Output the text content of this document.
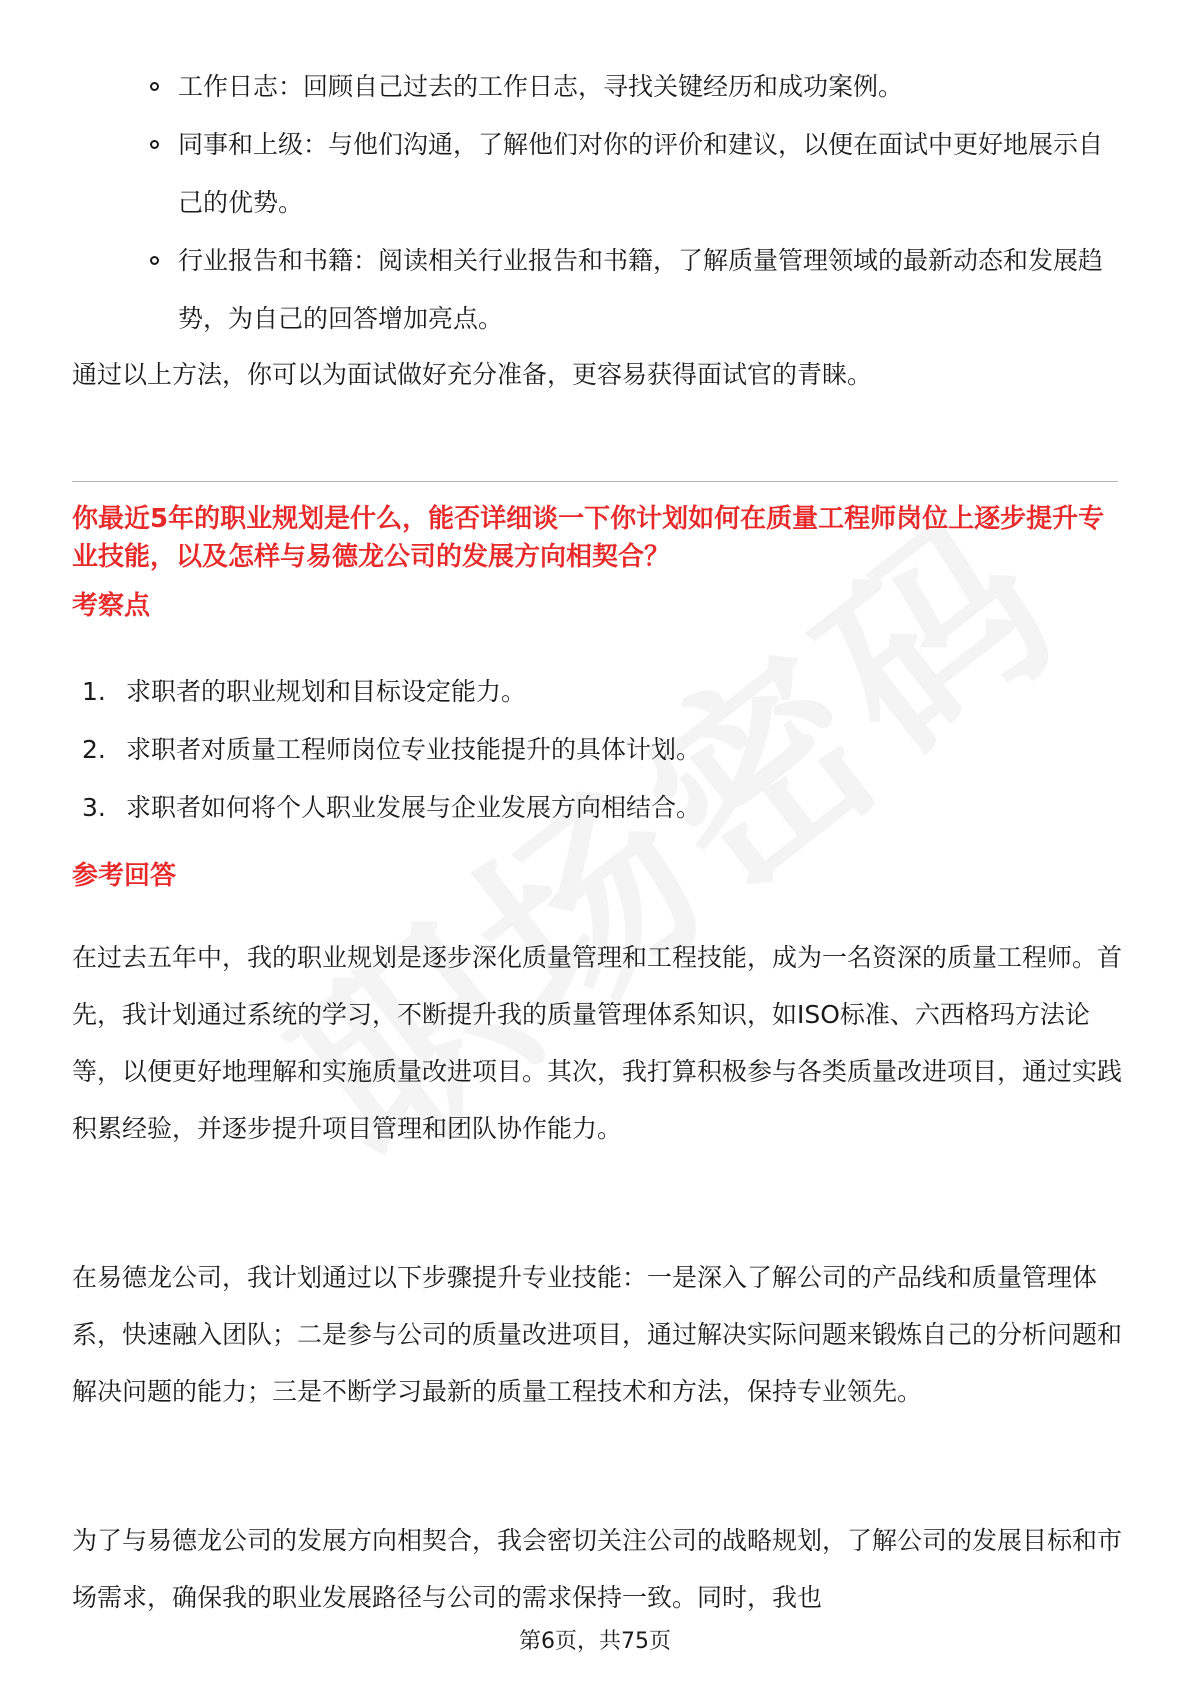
工作日志：回顾自己过去的工作日志，寻找关键经历和成功案例。
同事和上级：与他们沟通，了解他们对你的评价和建议，以便在面试中更好地展示自己的优势。
行业报告和书籍：阅读相关行业报告和书籍，了解质量管理领域的最新动态和发展趋势，为自己的回答增加亮点。

通过以上方法，你可以为面试做好充分准备，更容易获得面试官的青睐。

你最近5年的职业规划是什么，能否详细谈一下你计划如何在质量工程师岗位上逐步提升专业技能，以及怎样与易德龙公司的发展方向相契合？

考察点
1. 求职者的职业规划和目标设定能力。
2. 求职者对质量工程师岗位专业技能提升的具体计划。
3. 求职者如何将个人职业发展与企业发展方向相结合。
参考回答

在过去五年中，我的职业规划是逐步深化质量管理和工程技能，成为一名资深的质量工程师。首先，我计划通过系统的学习，不断提升我的质量管理体系知识，如ISO标准、六西格玛方法论等，以便更好地理解和实施质量改进项目。其次，我打算积极参与各类质量改进项目，通过实践积累经验，并逐步提升项目管理和团队协作能力。

在易德龙公司，我计划通过以下步骤提升专业技能：一是深入了解公司的产品线和质量管理体系，快速融入团队；二是参与公司的质量改进项目，通过解决实际问题来锻炼自己的分析问题和解决问题的能力；三是不断学习最新的质量工程技术和方法，保持专业领先。

为了与易德龙公司的发展方向相契合，我会密切关注公司的战略规划，了解公司的发展目标和市场需求，确保我的职业发展路径与公司的需求保持一致。同时，我也

第6页，共75页
